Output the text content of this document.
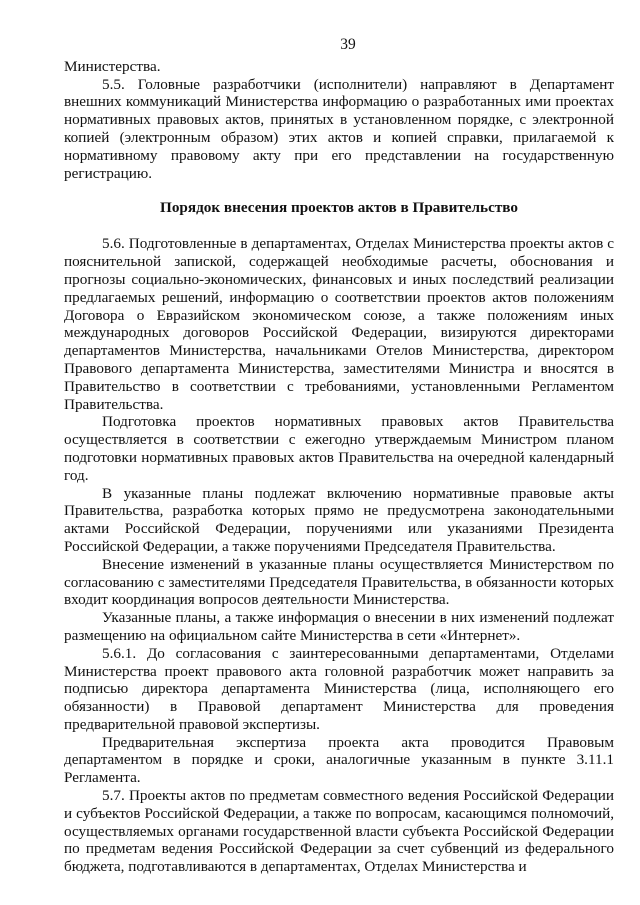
39

Министерства.

5.5. Головные разработчики (исполнители) направляют в Департамент внешних коммуникаций Министерства информацию о разработанных ими проектах нормативных правовых актов, принятых в установленном порядке, с электронной копией (электронным образом) этих актов и копией справки, прилагаемой к нормативному правовому акту при его представлении на государственную регистрацию.

Порядок внесения проектов актов в Правительство

5.6. Подготовленные в департаментах, Отделах Министерства проекты актов с пояснительной запиской, содержащей необходимые расчеты, обоснования и прогнозы социально-экономических, финансовых и иных последствий реализации предлагаемых решений, информацию о соответствии проектов актов положениям Договора о Евразийском экономическом союзе, а также положениям иных международных договоров Российской Федерации, визируются директорами департаментов Министерства, начальниками Отелов Министерства, директором Правового департамента Министерства, заместителями Министра и вносятся в Правительство в соответствии с требованиями, установленными Регламентом Правительства.

Подготовка проектов нормативных правовых актов Правительства осуществляется в соответствии с ежегодно утверждаемым Министром планом подготовки нормативных правовых актов Правительства на очередной календарный год.

В указанные планы подлежат включению нормативные правовые акты Правительства, разработка которых прямо не предусмотрена законодательными актами Российской Федерации, поручениями или указаниями Президента Российской Федерации, а также поручениями Председателя Правительства.

Внесение изменений в указанные планы осуществляется Министерством по согласованию с заместителями Председателя Правительства, в обязанности которых входит координация вопросов деятельности Министерства.

Указанные планы, а также информация о внесении в них изменений подлежат размещению на официальном сайте Министерства в сети «Интернет».

5.6.1. До согласования с заинтересованными департаментами, Отделами Министерства проект правового акта головной разработчик может направить за подписью директора департамента Министерства (лица, исполняющего его обязанности) в Правовой департамент Министерства для проведения предварительной правовой экспертизы.

Предварительная экспертиза проекта акта проводится Правовым департаментом в порядке и сроки, аналогичные указанным в пункте 3.11.1 Регламента.

5.7. Проекты актов по предметам совместного ведения Российской Федерации и субъектов Российской Федерации, а также по вопросам, касающимся полномочий, осуществляемых органами государственной власти субъекта Российской Федерации по предметам ведения Российской Федерации за счет субвенций из федерального бюджета, подготавливаются в департаментах, Отделах Министерства и
